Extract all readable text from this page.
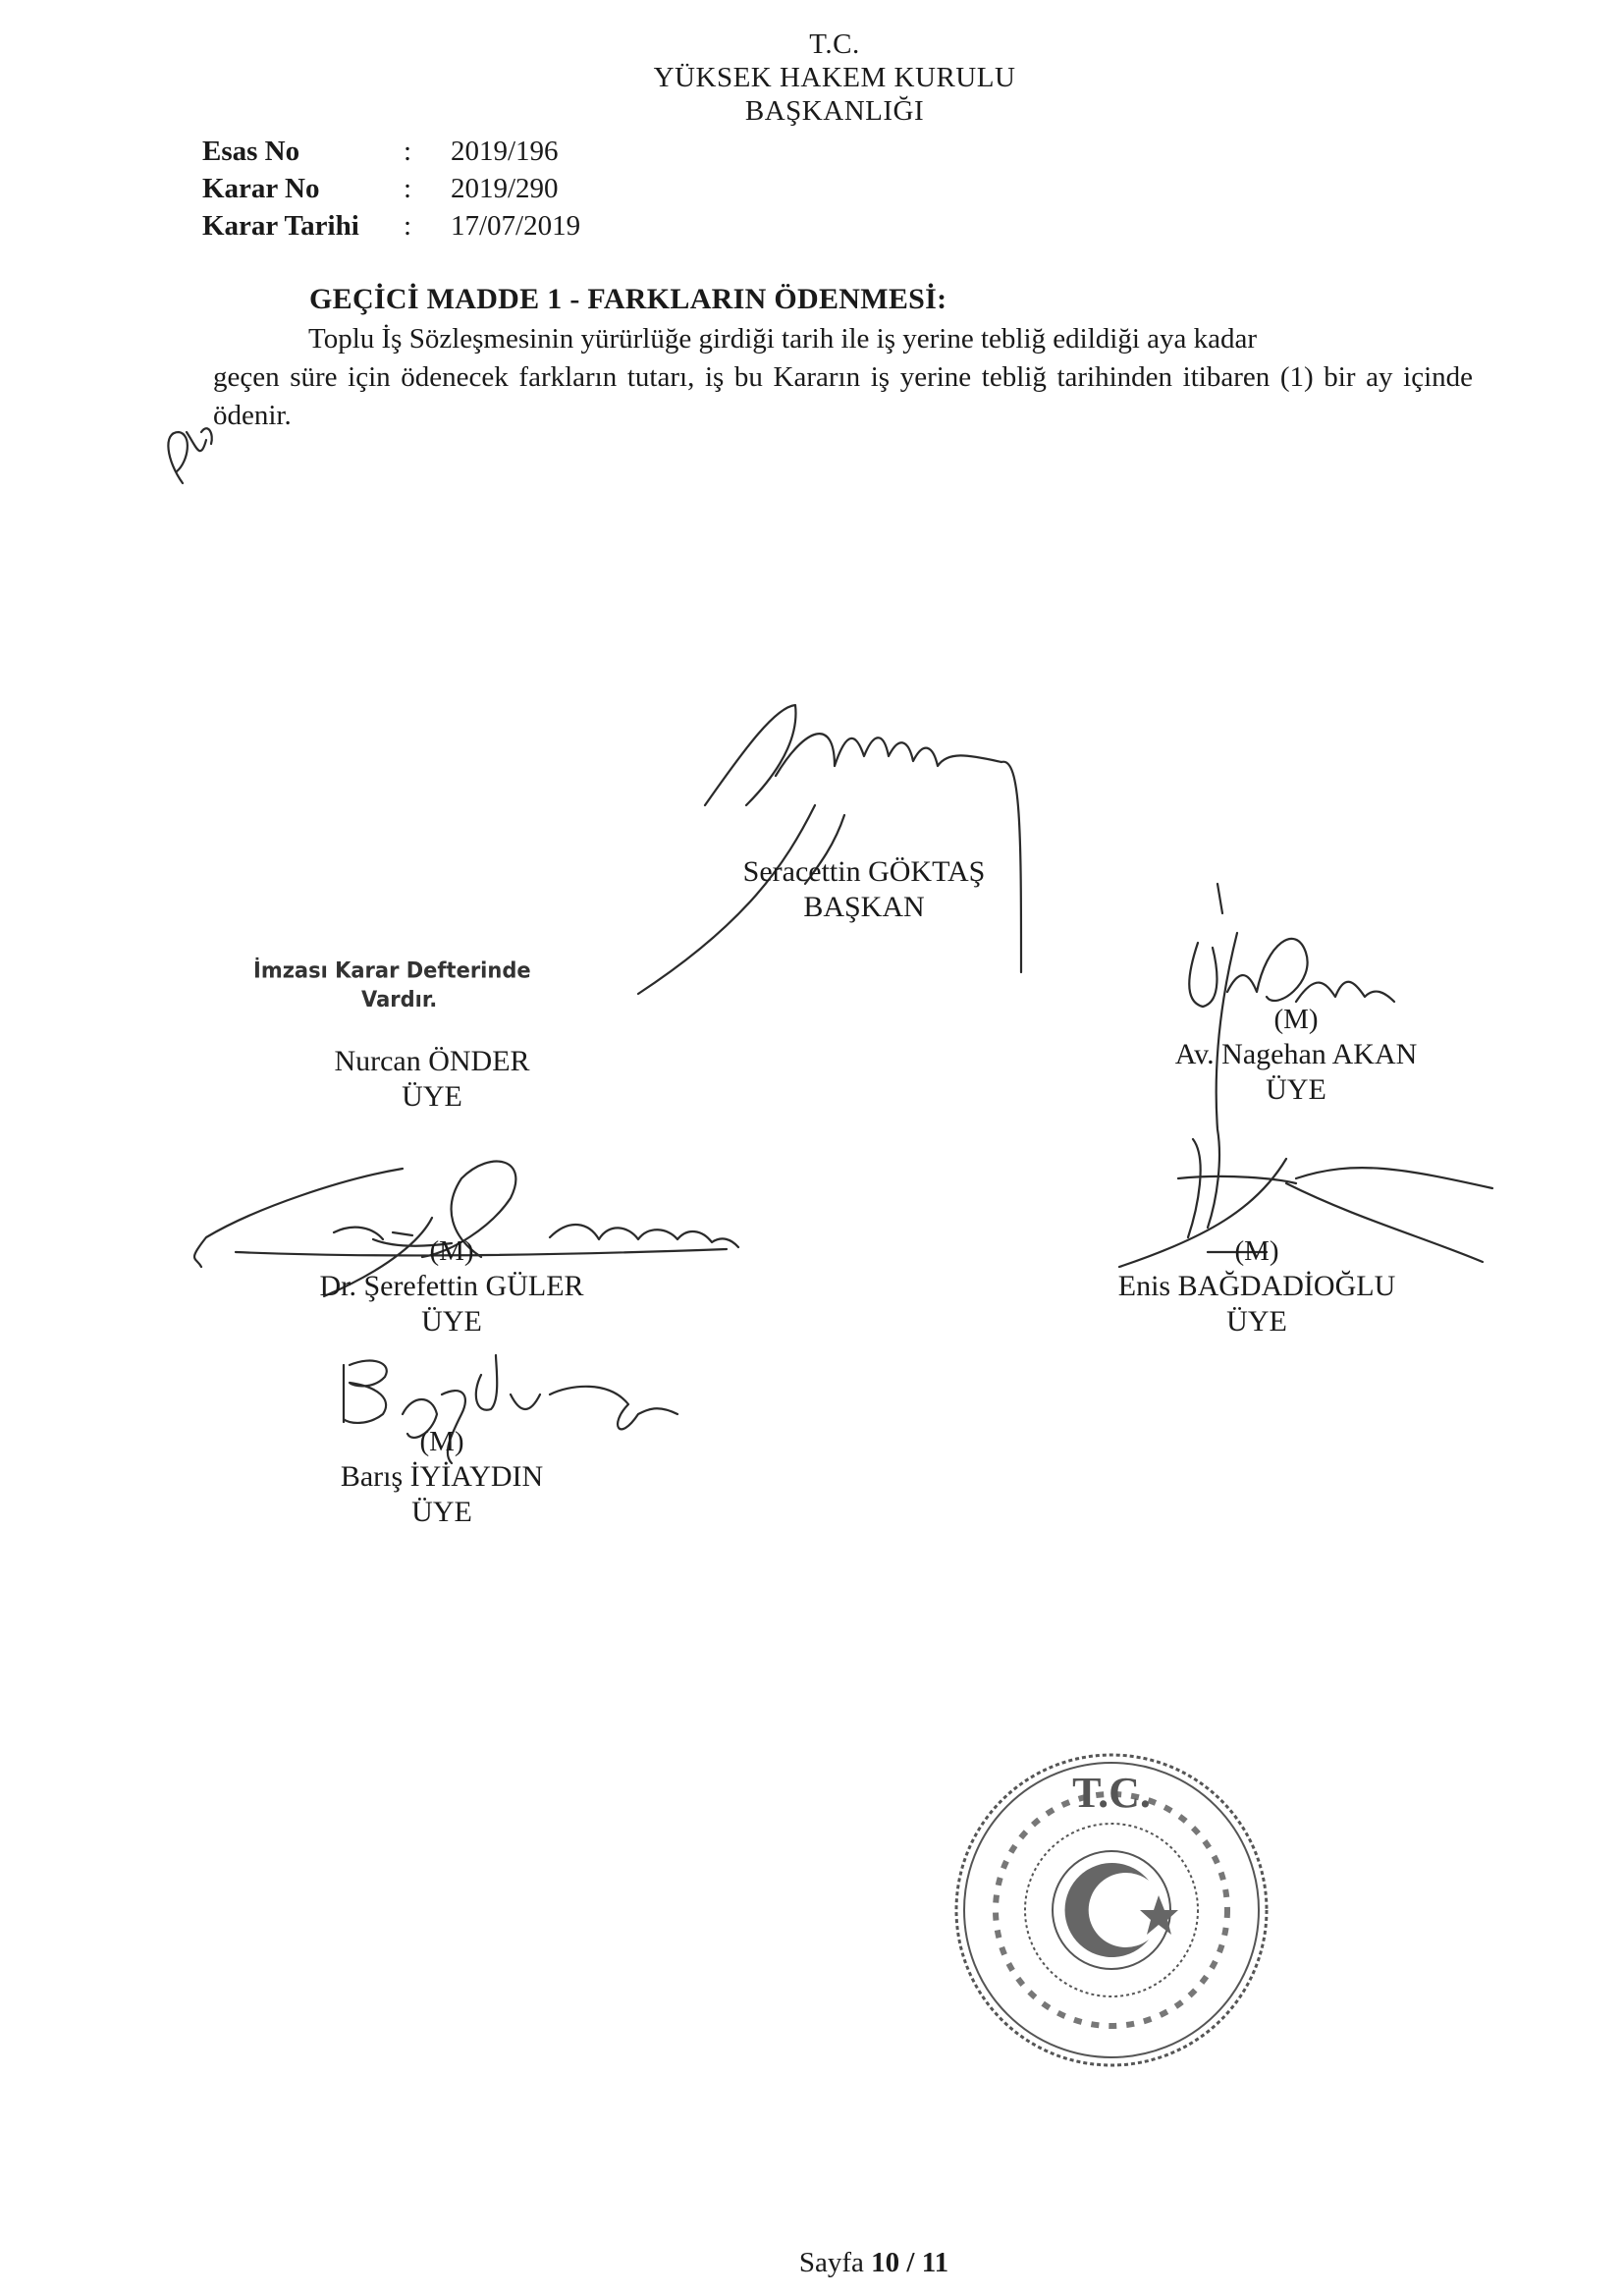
T.C.
YÜKSEK HAKEM KURULU
BAŞKANLIĞI
Esas No	:	2019/196
Karar No	:	2019/290
Karar Tarihi	:	17/07/2019
GEÇİCİ MADDE 1 - FARKLARIN ÖDENMESİ:
Toplu İş Sözleşmesinin yürürlüğe girdiği tarih ile iş yerine tebliğ edildiği aya kadar
geçen süre için ödenecek farkların tutarı, iş bu Kararın iş yerine tebliğ tarihinden itibaren (1) bir ay içinde ödenir.
Seracettin GÖKTAŞ
BAŞKAN
İmzası Karar Defterinde
Vardır.
Nurcan ÖNDER
ÜYE
(M)
Av. Nagehan AKAN
ÜYE
(M)
Dr. Şerefettin GÜLER
ÜYE
(M)
Enis BAĞDADİOĞLU
ÜYE
(M)
Barış İYİAYDIN
ÜYE
T.C.
Sayfa 10 / 11
